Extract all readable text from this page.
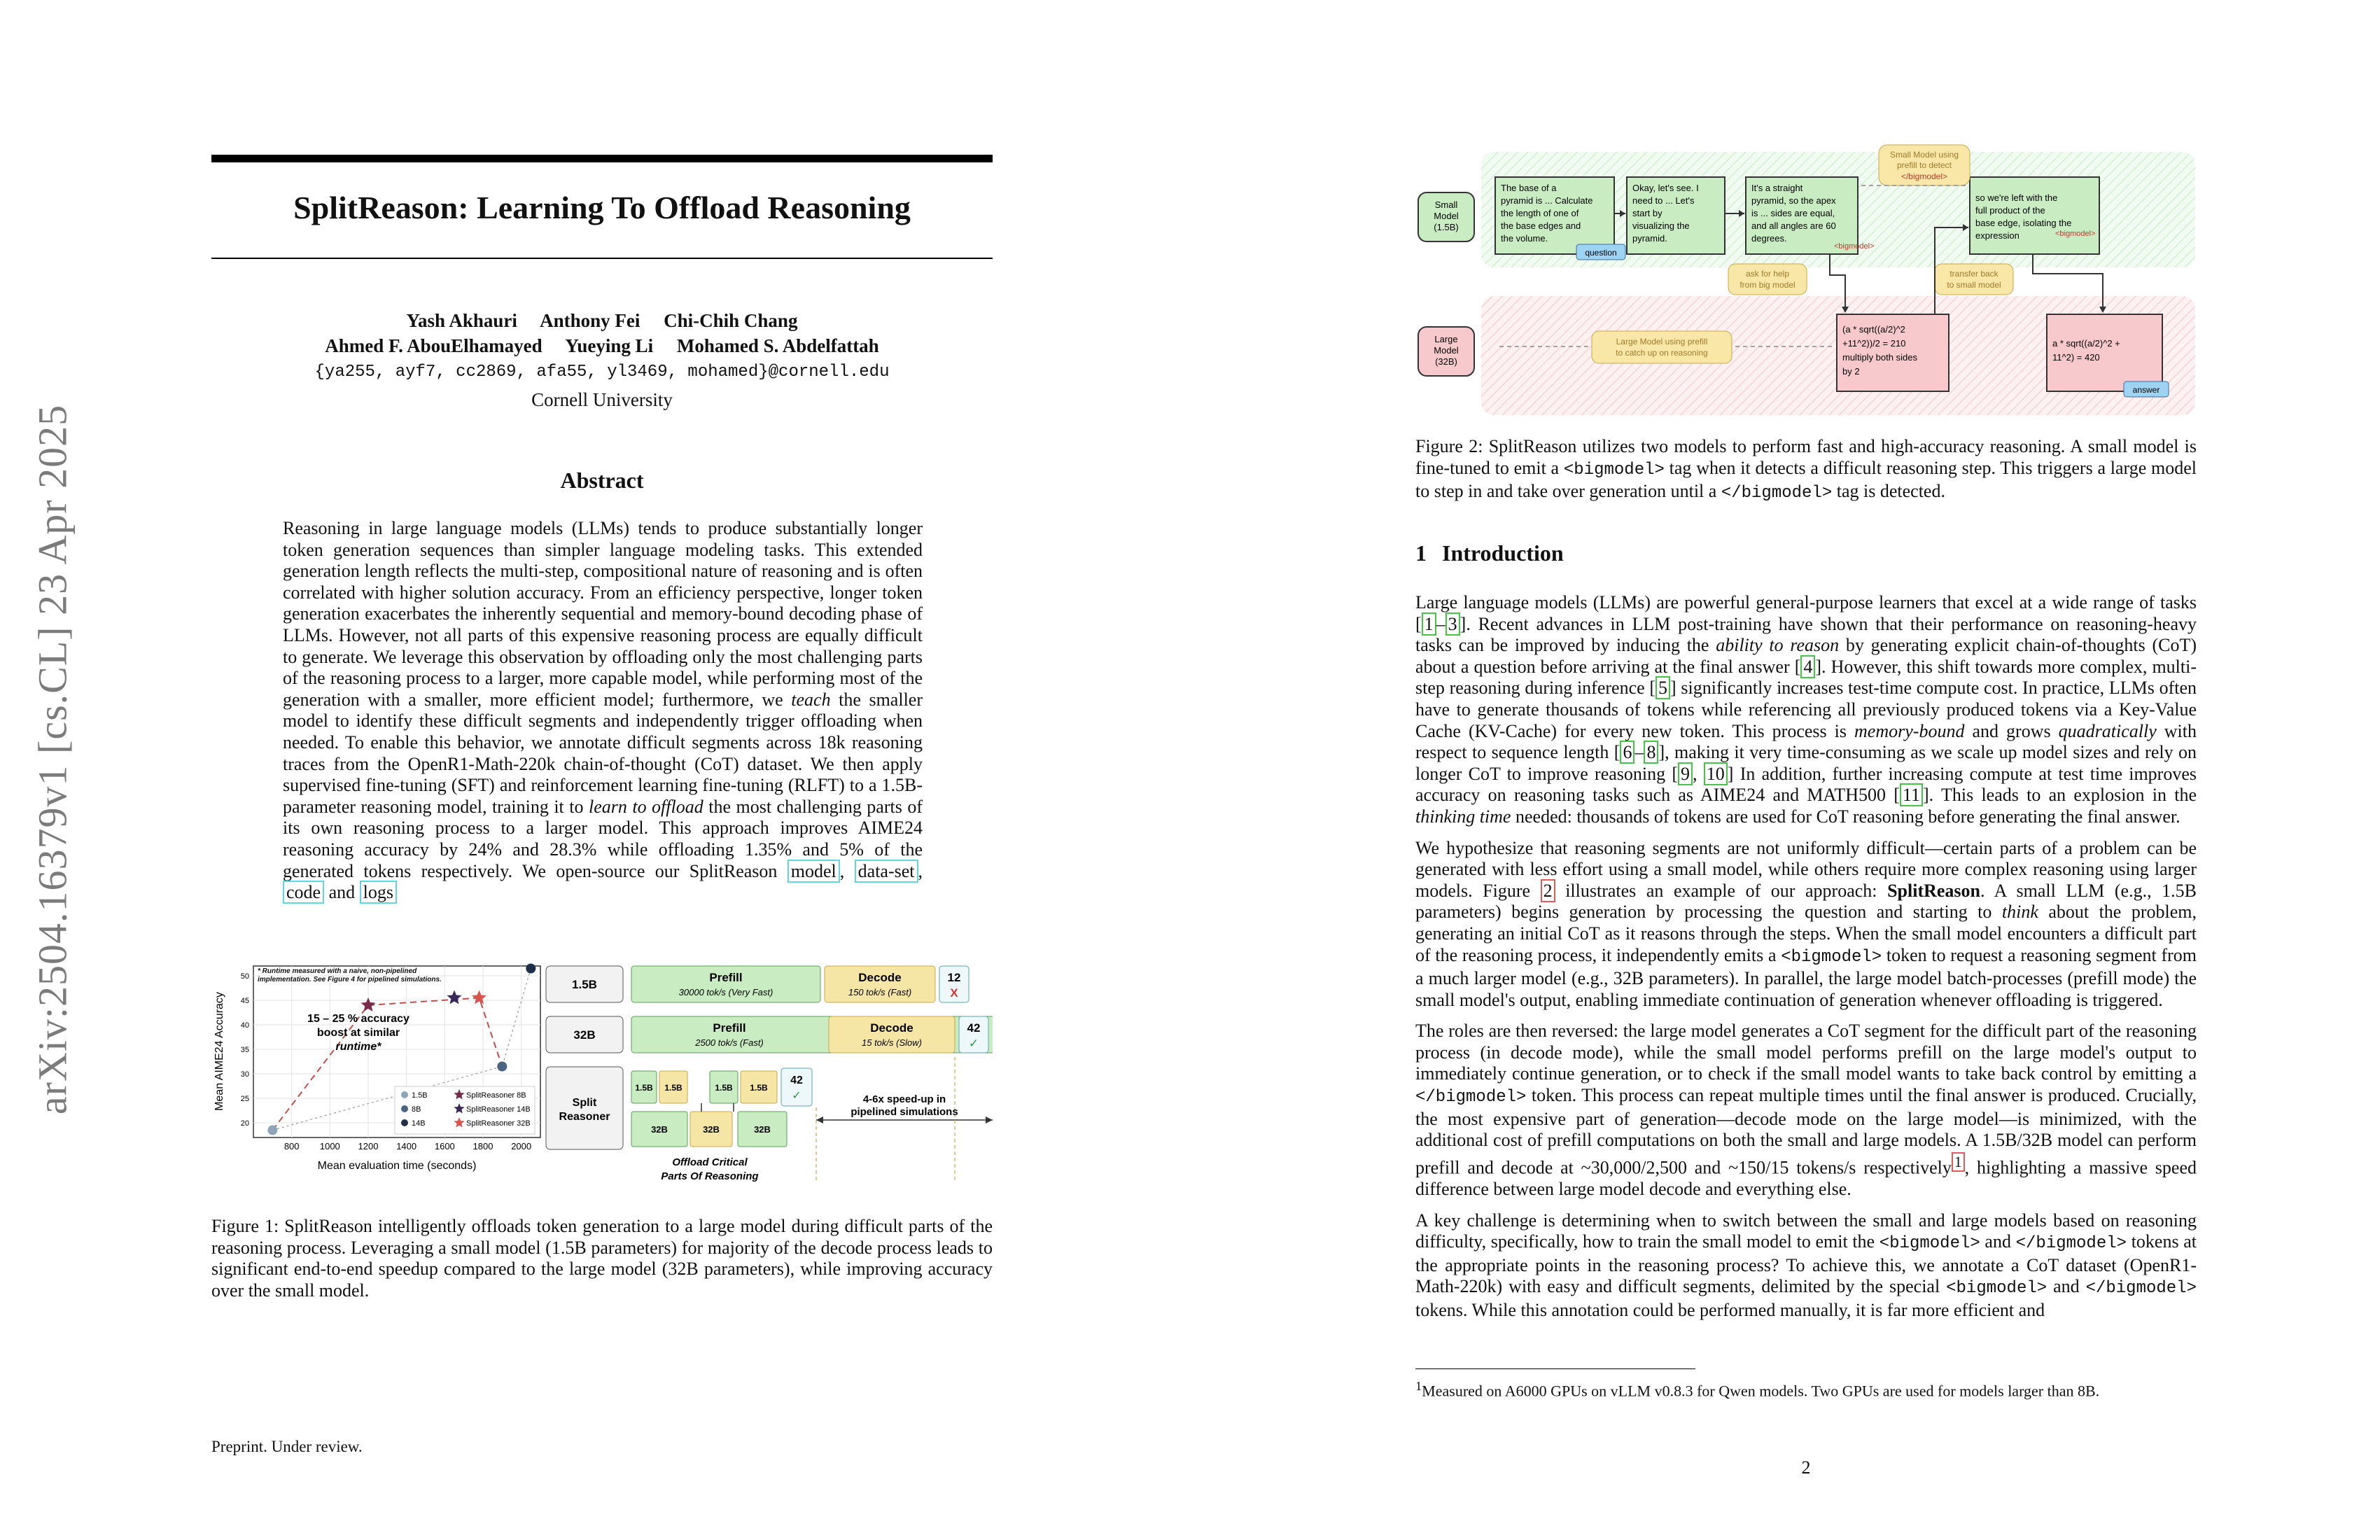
arXiv:2504.16379v1 [cs.CL] 23 Apr 2025
SplitReason: Learning To Offload Reasoning
Yash Akhauri     Anthony Fei     Chi-Chih Chang
Ahmed F. AbouElhamayed     Yueying Li     Mohamed S. Abdelfattah
{ya255, ayf7, cc2869, afa55, yl3469, mohamed}@cornell.edu
Cornell University
Abstract

Reasoning in large language models (LLMs) tends to produce substantially longer token generation sequences than simpler language modeling tasks. This extended generation length reflects the multi-step, compositional nature of reasoning and is often correlated with higher solution accuracy. From an efficiency perspective, longer token generation exacerbates the inherently sequential and memory-bound decoding phase of LLMs. However, not all parts of this expensive reasoning process are equally difficult to generate. We leverage this observation by offloading only the most challenging parts of the reasoning process to a larger, more capable model, while performing most of the generation with a smaller, more efficient model; furthermore, we teach the smaller model to identify these difficult segments and independently trigger offloading when needed. To enable this behavior, we annotate difficult segments across 18k reasoning traces from the OpenR1-Math-220k chain-of-thought (CoT) dataset. We then apply supervised fine-tuning (SFT) and reinforcement learning fine-tuning (RLFT) to a 1.5B-parameter reasoning model, training it to learn to offload the most challenging parts of its own reasoning process to a larger model. This approach improves AIME24 reasoning accuracy by 24% and 28.3% while offloading 1.35% and 5% of the generated tokens respectively. We open-source our SplitReason model , data-set , code and logs

20
25
30
35
40
45
50
800 1000 1200 1400 1600 1800 2000
Mean evaluation time (seconds)
Mean AIME24 Accuracy
* Runtime measured with a naive, non-pipelined implementation. See Figure 4 for pipelined simulations.
15 – 25 % accuracy
boost at similar
runtime*
1.5B
8B
14B
SplitReasoner 8B
SplitReasoner 14B
SplitReasoner 32B
1.5B
Prefill
30000 tok/s (Very Fast)
Decode
150 tok/s (Fast)
12
X
32B
Prefill
2500 tok/s (Fast)
Decode
15 tok/s (Slow)
42
✓
Split
Reasoner
1.5B 1.5B	1.5B 1.5B
42
✓
32B	32B	32B
4-6x speed-up in
pipelined simulations
Offload Critical
Parts Of Reasoning

Figure 1: SplitReason intelligently offloads token generation to a large model during difficult parts of the reasoning process. Leveraging a small model (1.5B parameters) for majority of the decode process leads to significant end-to-end speedup compared to the large model (32B parameters), while improving accuracy over the small model.

Preprint. Under review.
Small
Model
(1.5B)
Large
Model
(32B)
The base of a
pyramid is ... Calculate
the length of one of
the base edges and
the volume.
question
Okay, let's see. I
need to ... Let's
start by
visualizing the
pyramid.
It's a straight
pyramid, so the apex
is ... sides are equal,
and all angles are 60
degrees.
<bigmodel>
so we're left with the
full product of the
base edge, isolating the
expression	<bigmodel>
Small Model using
prefill to detect
</bigmodel>
ask for help
from big model
transfer back
to small model
Large Model using prefill
to catch up on reasoning
(a * sqrt((a/2)^2
+11^2))/2 = 210
multiply both sides
by 2
a * sqrt((a/2)^2 +
11^2) = 420
answer

Figure 2: SplitReason utilizes two models to perform fast and high-accuracy reasoning. A small model is fine-tuned to emit a <bigmodel> tag when it detects a difficult reasoning step. This triggers a large model to step in and take over generation until a </bigmodel> tag is detected.

1 Introduction

Large language models (LLMs) are powerful general-purpose learners that excel at a wide range of tasks [ 1 – 3 ]. Recent advances in LLM post-training have shown that their performance on reasoning-heavy tasks can be improved by inducing the ability to reason by generating explicit chain-of-thoughts (CoT) about a question before arriving at the final answer [ 4 ]. However, this shift towards more complex, multi-step reasoning during inference [ 5 ] significantly increases test-time compute cost. In practice, LLMs often have to generate thousands of tokens while referencing all previously produced tokens via a Key-Value Cache (KV-Cache) for every new token. This process is memory-bound and grows quadratically with respect to sequence length [ 6 – 8 ], making it very time-consuming as we scale up model sizes and rely on longer CoT to improve reasoning [ 9 , 10 ] In addition, further increasing compute at test time improves accuracy on reasoning tasks such as AIME24 and MATH500 [ 11 ]. This leads to an explosion in the thinking time needed: thousands of tokens are used for CoT reasoning before generating the final answer.

We hypothesize that reasoning segments are not uniformly difficult—certain parts of a problem can be generated with less effort using a small model, while others require more complex reasoning using larger models. Figure 2 illustrates an example of our approach: SplitReason. A small LLM (e.g., 1.5B parameters) begins generation by processing the question and starting to think about the problem, generating an initial CoT as it reasons through the steps. When the small model encounters a difficult part of the reasoning process, it independently emits a <bigmodel> token to request a reasoning segment from a much larger model (e.g., 32B parameters). In parallel, the large model batch-processes (prefill mode) the small model's output, enabling immediate continuation of generation whenever offloading is triggered.

The roles are then reversed: the large model generates a CoT segment for the difficult part of the reasoning process (in decode mode), while the small model performs prefill on the large model's output to immediately continue generation, or to check if the small model wants to take back control by emitting a </bigmodel> token. This process can repeat multiple times until the final answer is produced. Crucially, the most expensive part of generation—decode mode on the large model—is minimized, with the additional cost of prefill computations on both the small and large models. A 1.5B/32B model can perform prefill and decode at ~30,000/2,500 and ~150/15 tokens/s respectively $^1$ , highlighting a massive speed difference between large model decode and everything else.

A key challenge is determining when to switch between the small and large models based on reasoning difficulty, specifically, how to train the small model to emit the <bigmodel> and </bigmodel> tokens at the appropriate points in the reasoning process? To achieve this, we annotate a CoT dataset (OpenR1-Math-220k) with easy and difficult segments, delimited by the special <bigmodel> and </bigmodel> tokens. While this annotation could be performed manually, it is far more efficient and

$^1$Measured on A6000 GPUs on vLLM v0.8.3 for Qwen models. Two GPUs are used for models larger than 8B.
2
